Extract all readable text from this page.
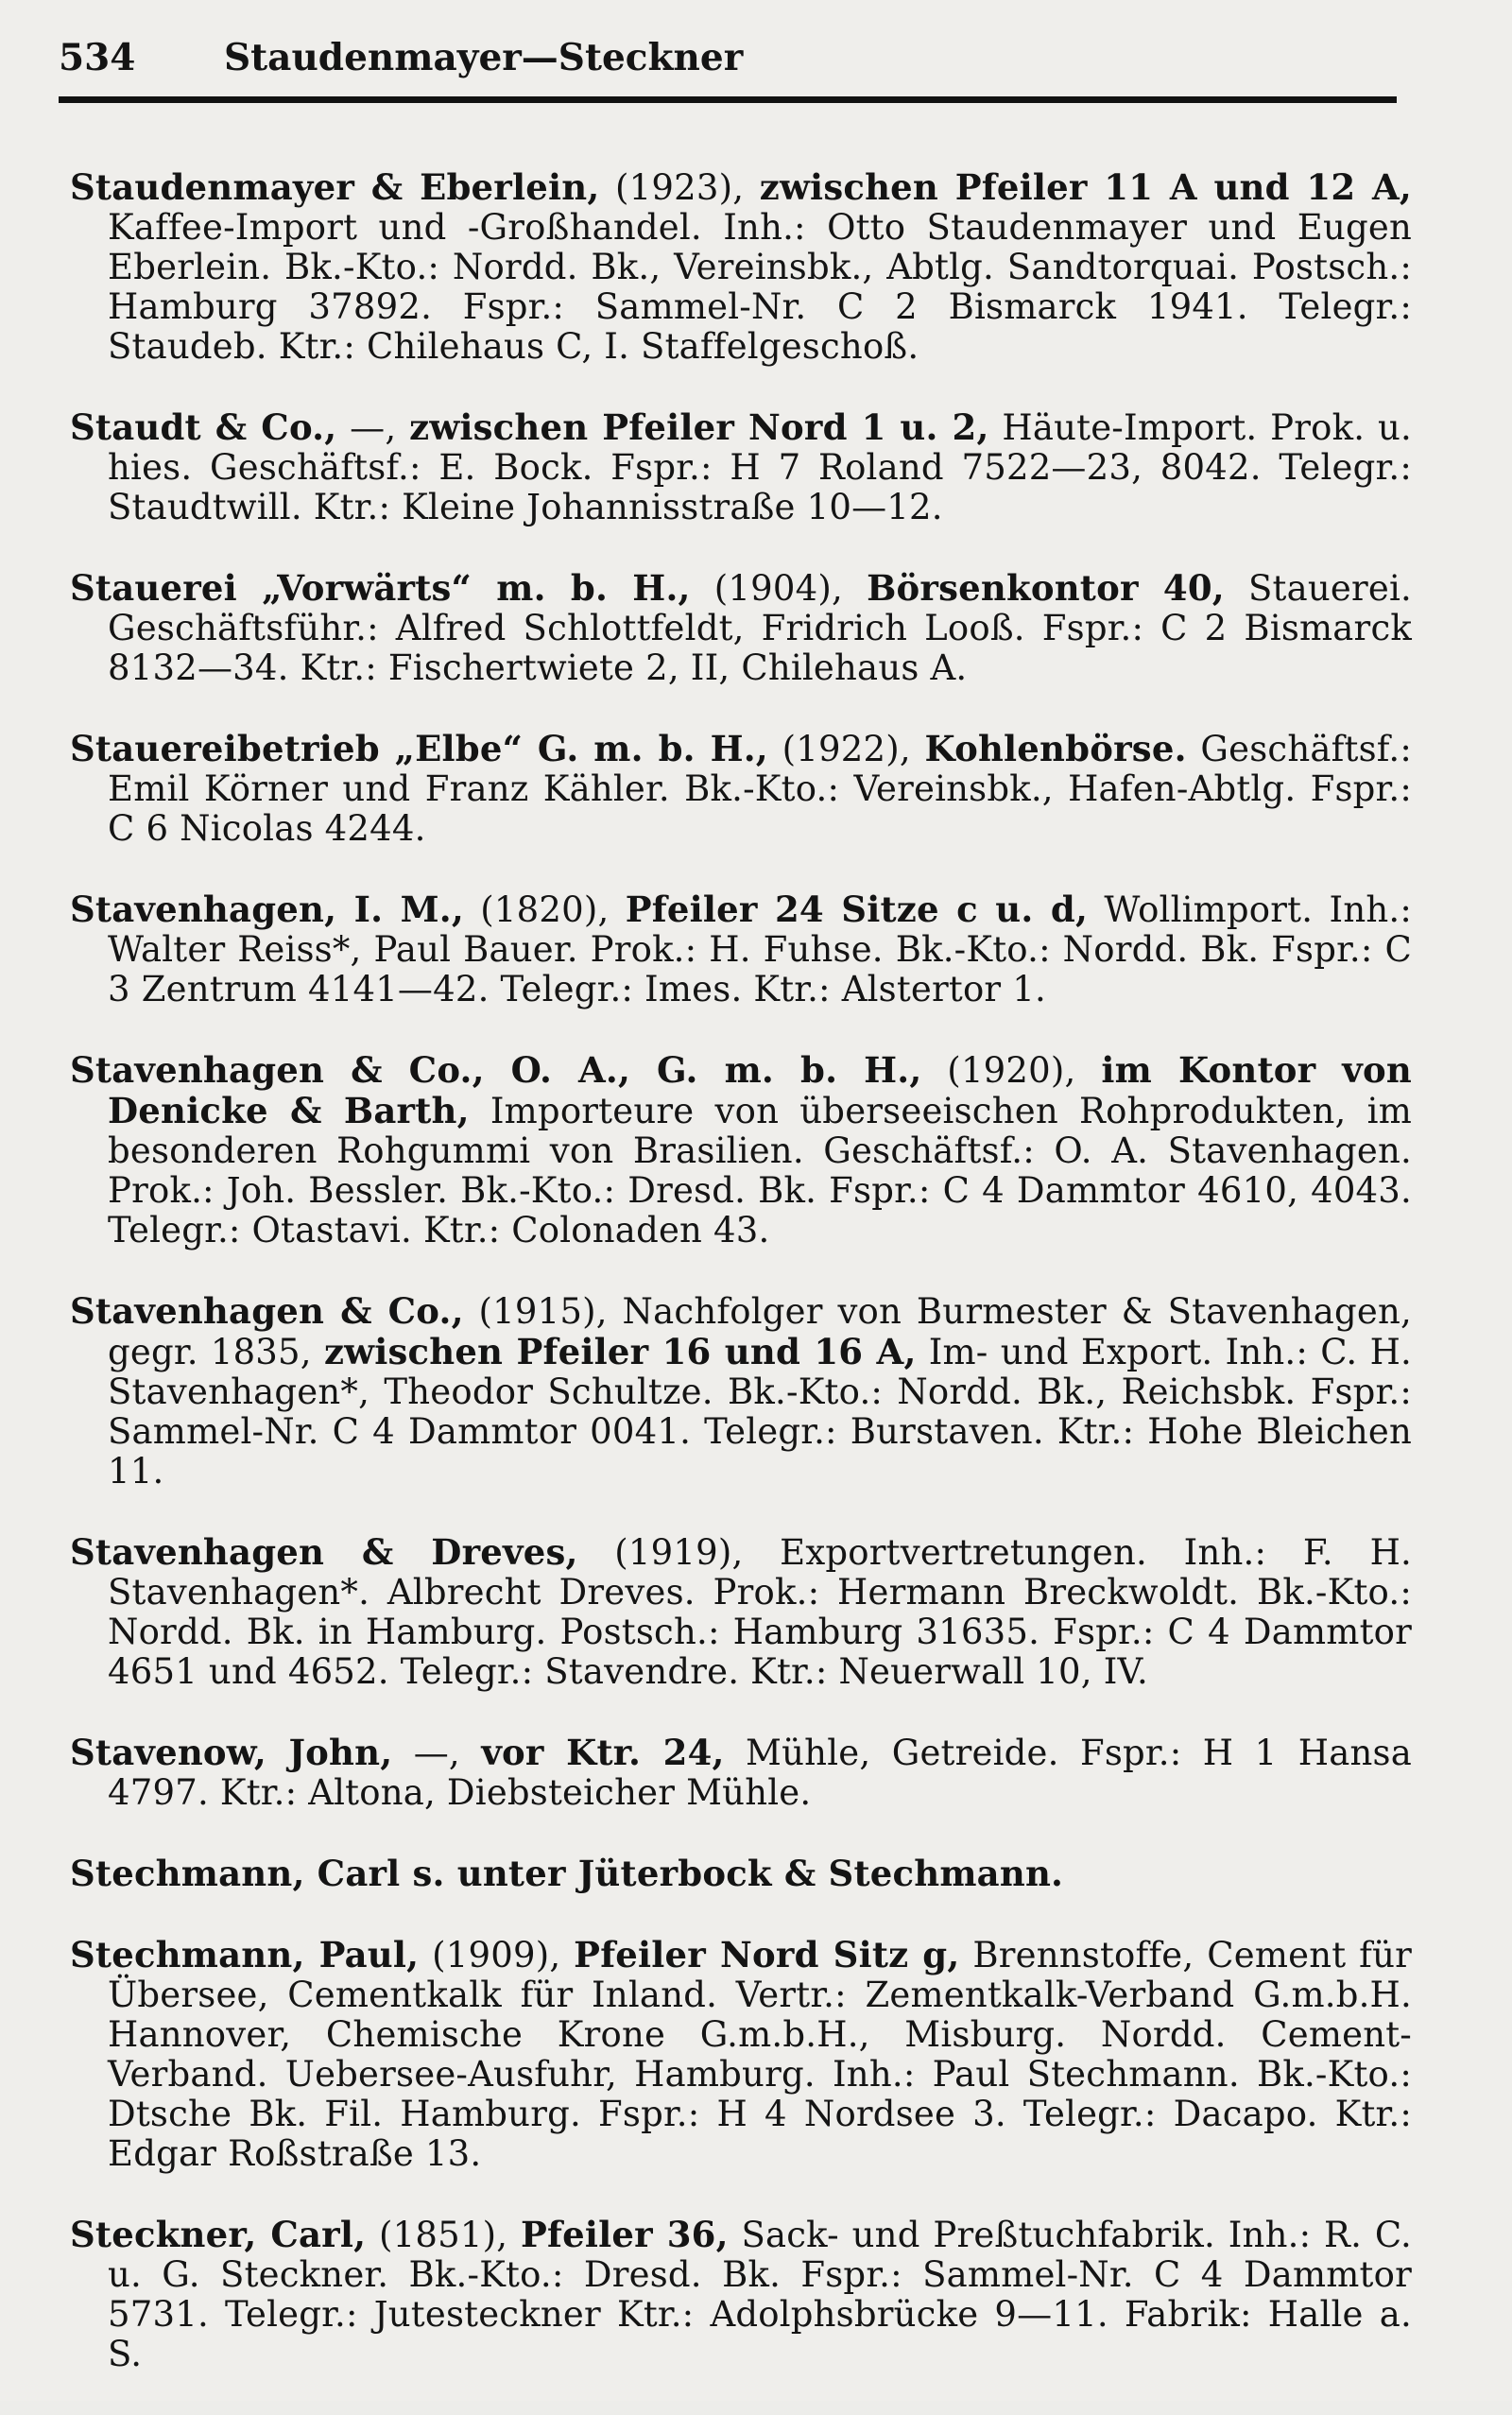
534	Staudenmayer—Steckner

Staudenmayer & Eberlein, (1923), zwischen Pfeiler 11 A und 12 A, Kaffee-Import und -Großhandel. Inh.: Otto Staudenmayer und Eugen Eberlein. Bk.-Kto.: Nordd. Bk., Vereinsbk., Abtlg. Sandtorquai. Postsch.: Hamburg 37892. Fspr.: Sammel-Nr. C 2 Bismarck 1941. Telegr.: Staudeb. Ktr.: Chilehaus C, I. Staffelgeschoß.

Staudt & Co., —, zwischen Pfeiler Nord 1 u. 2, Häute-Import. Prok. u. hies. Geschäftsf.: E. Bock. Fspr.: H 7 Roland 7522—23, 8042. Telegr.: Staudtwill. Ktr.: Kleine Johannisstraße 10—12.

Stauerei „Vorwärts“ m. b. H., (1904), Börsenkontor 40, Stauerei. Geschäftsführ.: Alfred Schlottfeldt, Fridrich Looß. Fspr.: C 2 Bismarck 8132—34. Ktr.: Fischertwiete 2, II, Chilehaus A.

Stauereibetrieb „Elbe“ G. m. b. H., (1922), Kohlenbörse. Geschäftsf.: Emil Körner und Franz Kähler. Bk.-Kto.: Vereinsbk., Hafen-Abtlg. Fspr.: C 6 Nicolas 4244.

Stavenhagen, I. M., (1820), Pfeiler 24 Sitze c u. d, Wollimport. Inh.: Walter Reiss*, Paul Bauer. Prok.: H. Fuhse. Bk.-Kto.: Nordd. Bk. Fspr.: C 3 Zentrum 4141—42. Telegr.: Imes. Ktr.: Alstertor 1.

Stavenhagen & Co., O. A., G. m. b. H., (1920), im Kontor von Denicke & Barth, Importeure von überseeischen Rohprodukten, im besonderen Rohgummi von Brasilien. Geschäftsf.: O. A. Stavenhagen. Prok.: Joh. Bessler. Bk.-Kto.: Dresd. Bk. Fspr.: C 4 Dammtor 4610, 4043. Telegr.: Otastavi. Ktr.: Colonaden 43.

Stavenhagen & Co., (1915), Nachfolger von Burmester & Stavenhagen, gegr. 1835, zwischen Pfeiler 16 und 16 A, Im- und Export. Inh.: C. H. Stavenhagen*, Theodor Schultze. Bk.-Kto.: Nordd. Bk., Reichsbk. Fspr.: Sammel-Nr. C 4 Dammtor 0041. Telegr.: Burstaven. Ktr.: Hohe Bleichen 11.

Stavenhagen & Dreves, (1919), Exportvertretungen. Inh.: F. H. Stavenhagen*. Albrecht Dreves. Prok.: Hermann Breckwoldt. Bk.-Kto.: Nordd. Bk. in Hamburg. Postsch.: Hamburg 31635. Fspr.: C 4 Dammtor 4651 und 4652. Telegr.: Stavendre. Ktr.: Neuerwall 10, IV.

Stavenow, John, —, vor Ktr. 24, Mühle, Getreide. Fspr.: H 1 Hansa 4797. Ktr.: Altona, Diebsteicher Mühle.

Stechmann, Carl s. unter Jüterbock & Stechmann.

Stechmann, Paul, (1909), Pfeiler Nord Sitz g, Brennstoffe, Cement für Übersee, Cementkalk für Inland. Vertr.: Zementkalk-Verband G.m.b.H. Hannover, Chemische Krone G.m.b.H., Misburg. Nordd. Cement-Verband. Uebersee-Ausfuhr, Hamburg. Inh.: Paul Stechmann. Bk.-Kto.: Dtsche Bk. Fil. Hamburg. Fspr.: H 4 Nordsee 3. Telegr.: Dacapo. Ktr.: Edgar Roßstraße 13.

Steckner, Carl, (1851), Pfeiler 36, Sack- und Preßtuchfabrik. Inh.: R. C. u. G. Steckner. Bk.-Kto.: Dresd. Bk. Fspr.: Sammel-Nr. C 4 Dammtor 5731. Telegr.: Jutesteckner Ktr.: Adolphsbrücke 9—11. Fabrik: Halle a. S.
